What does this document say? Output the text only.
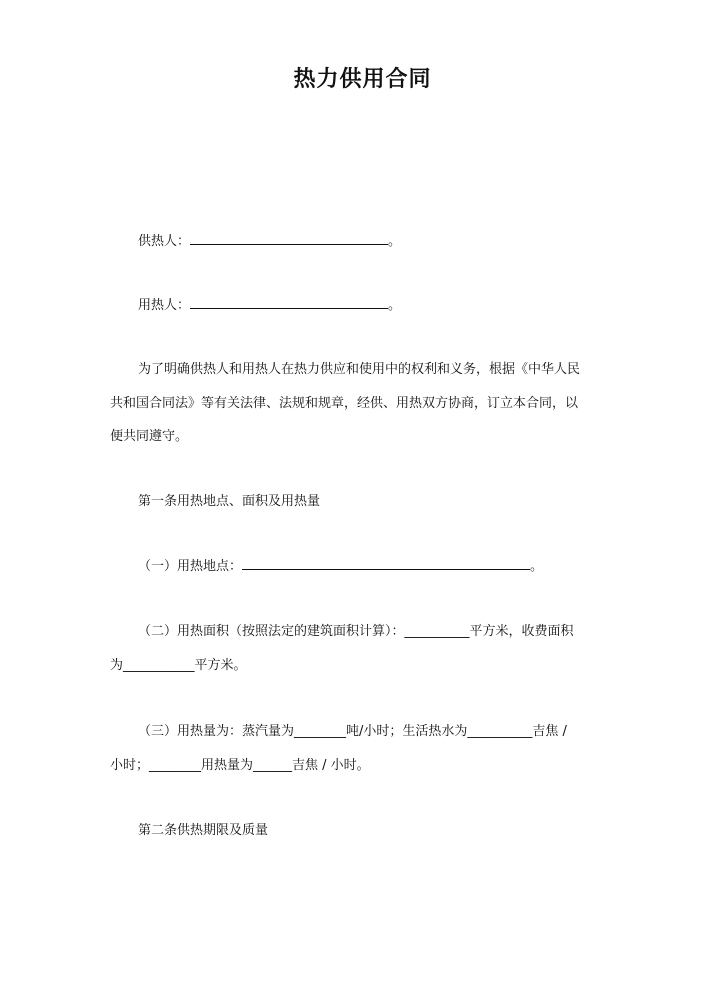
热力供用合同
供热人：	。
用热人：	。
为了明确供热人和用热人在热力供应和使用中的权利和义务，根据《中华人民
共和国合同法》等有关法律、法规和规章，经供、用热双方协商，订立本合同，以
便共同遵守。
第一条用热地点、面积及用热量
（一）用热地点：	。
（二）用热面积（按照法定的建筑面积计算）：__________平方米，收费面积
为___________平方米。
（三）用热量为：蒸汽量为________吨/小时；生活热水为__________吉焦 /
小时；________用热量为______吉焦 / 小时。
第二条供热期限及质量
